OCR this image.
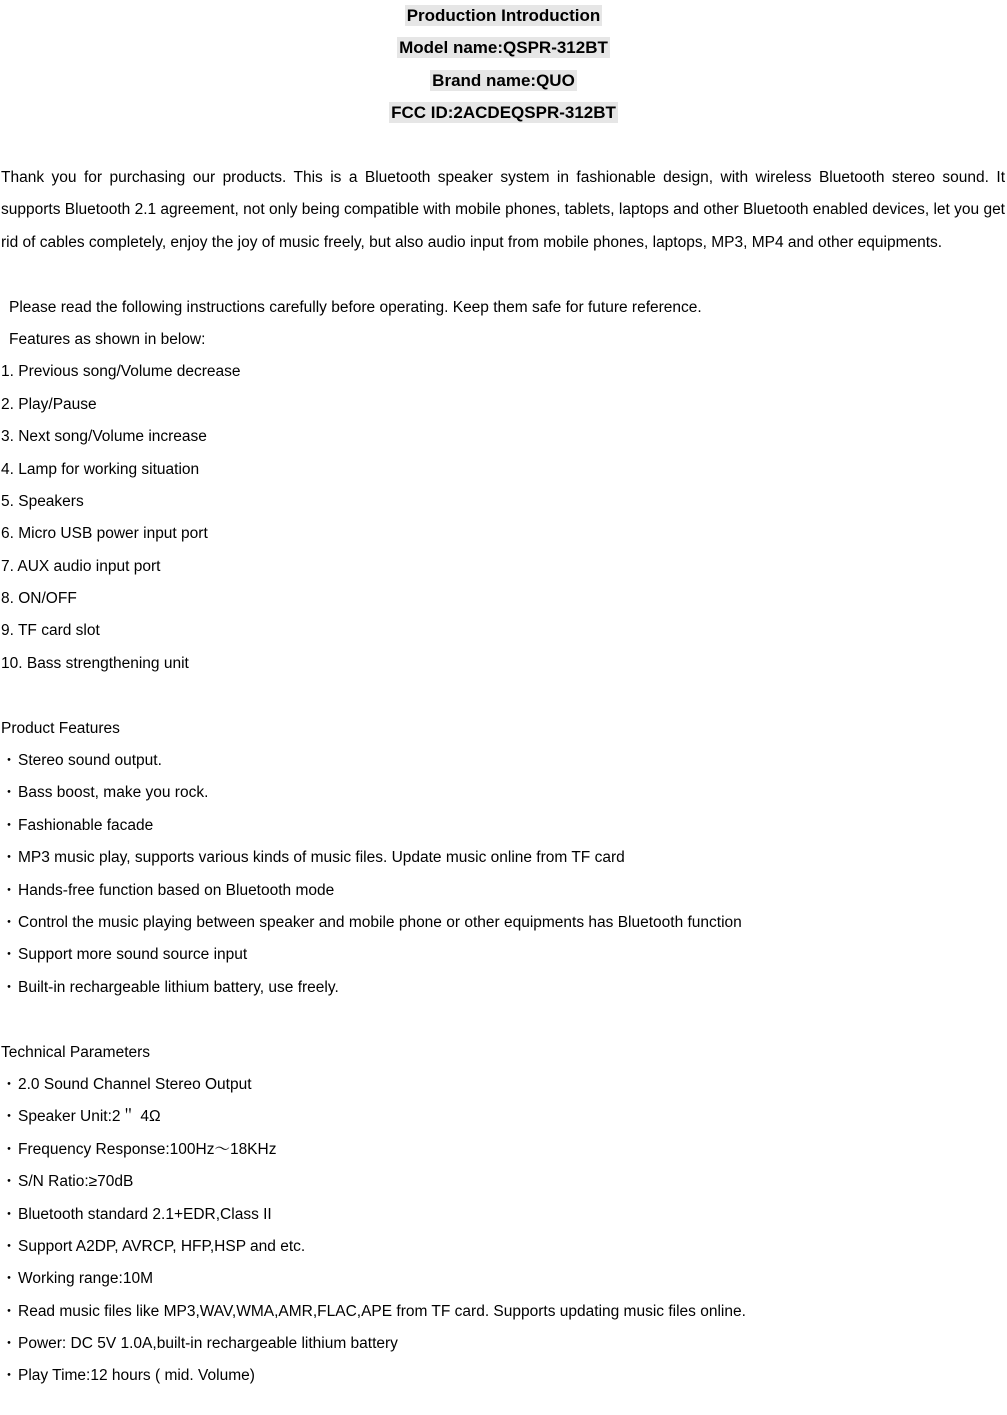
Production Introduction
Model name:QSPR-312BT
Brand name:QUO
FCC ID:2ACDEQSPR-312BT

Thank you for purchasing our products. This is a Bluetooth speaker system in fashionable design, with wireless Bluetooth stereo sound. It supports Bluetooth 2.1 agreement, not only being compatible with mobile phones, tablets, laptops and other Bluetooth enabled devices, let you get rid of cables completely, enjoy the joy of music freely, but also audio input from mobile phones, laptops, MP3, MP4 and other equipments.

Please read the following instructions carefully before operating. Keep them safe for future reference.

Features as shown in below:

1. Previous song/Volume decrease
2. Play/Pause
3. Next song/Volume increase
4. Lamp for working situation
5. Speakers
6. Micro USB power input port
7. AUX audio input port
8. ON/OFF
9. TF card slot
10. Bass strengthening unit

Product Features

・ Stereo sound output.
・ Bass boost, make you rock.
・ Fashionable facade
・ MP3 music play, supports various kinds of music files. Update music online from TF card
・ Hands-free function based on Bluetooth mode
・ Control the music playing between speaker and mobile phone or other equipments has Bluetooth function
・ Support more sound source input
・ Built-in rechargeable lithium battery, use freely.

Technical Parameters

・ 2.0 Sound Channel Stereo Output
・ Speaker Unit:2＂ 4Ω
・ Frequency Response:100Hz～18KHz
・ S/N Ratio:≥70dB
・ Bluetooth standard 2.1+EDR,Class II
・ Support A2DP, AVRCP, HFP,HSP and etc.
・ Working range:10M
・ Read music files like MP3,WAV,WMA,AMR,FLAC,APE from TF card. Supports updating music files online.
・ Power: DC 5V 1.0A,built-in rechargeable lithium battery
・ Play Time:12 hours ( mid. Volume)
